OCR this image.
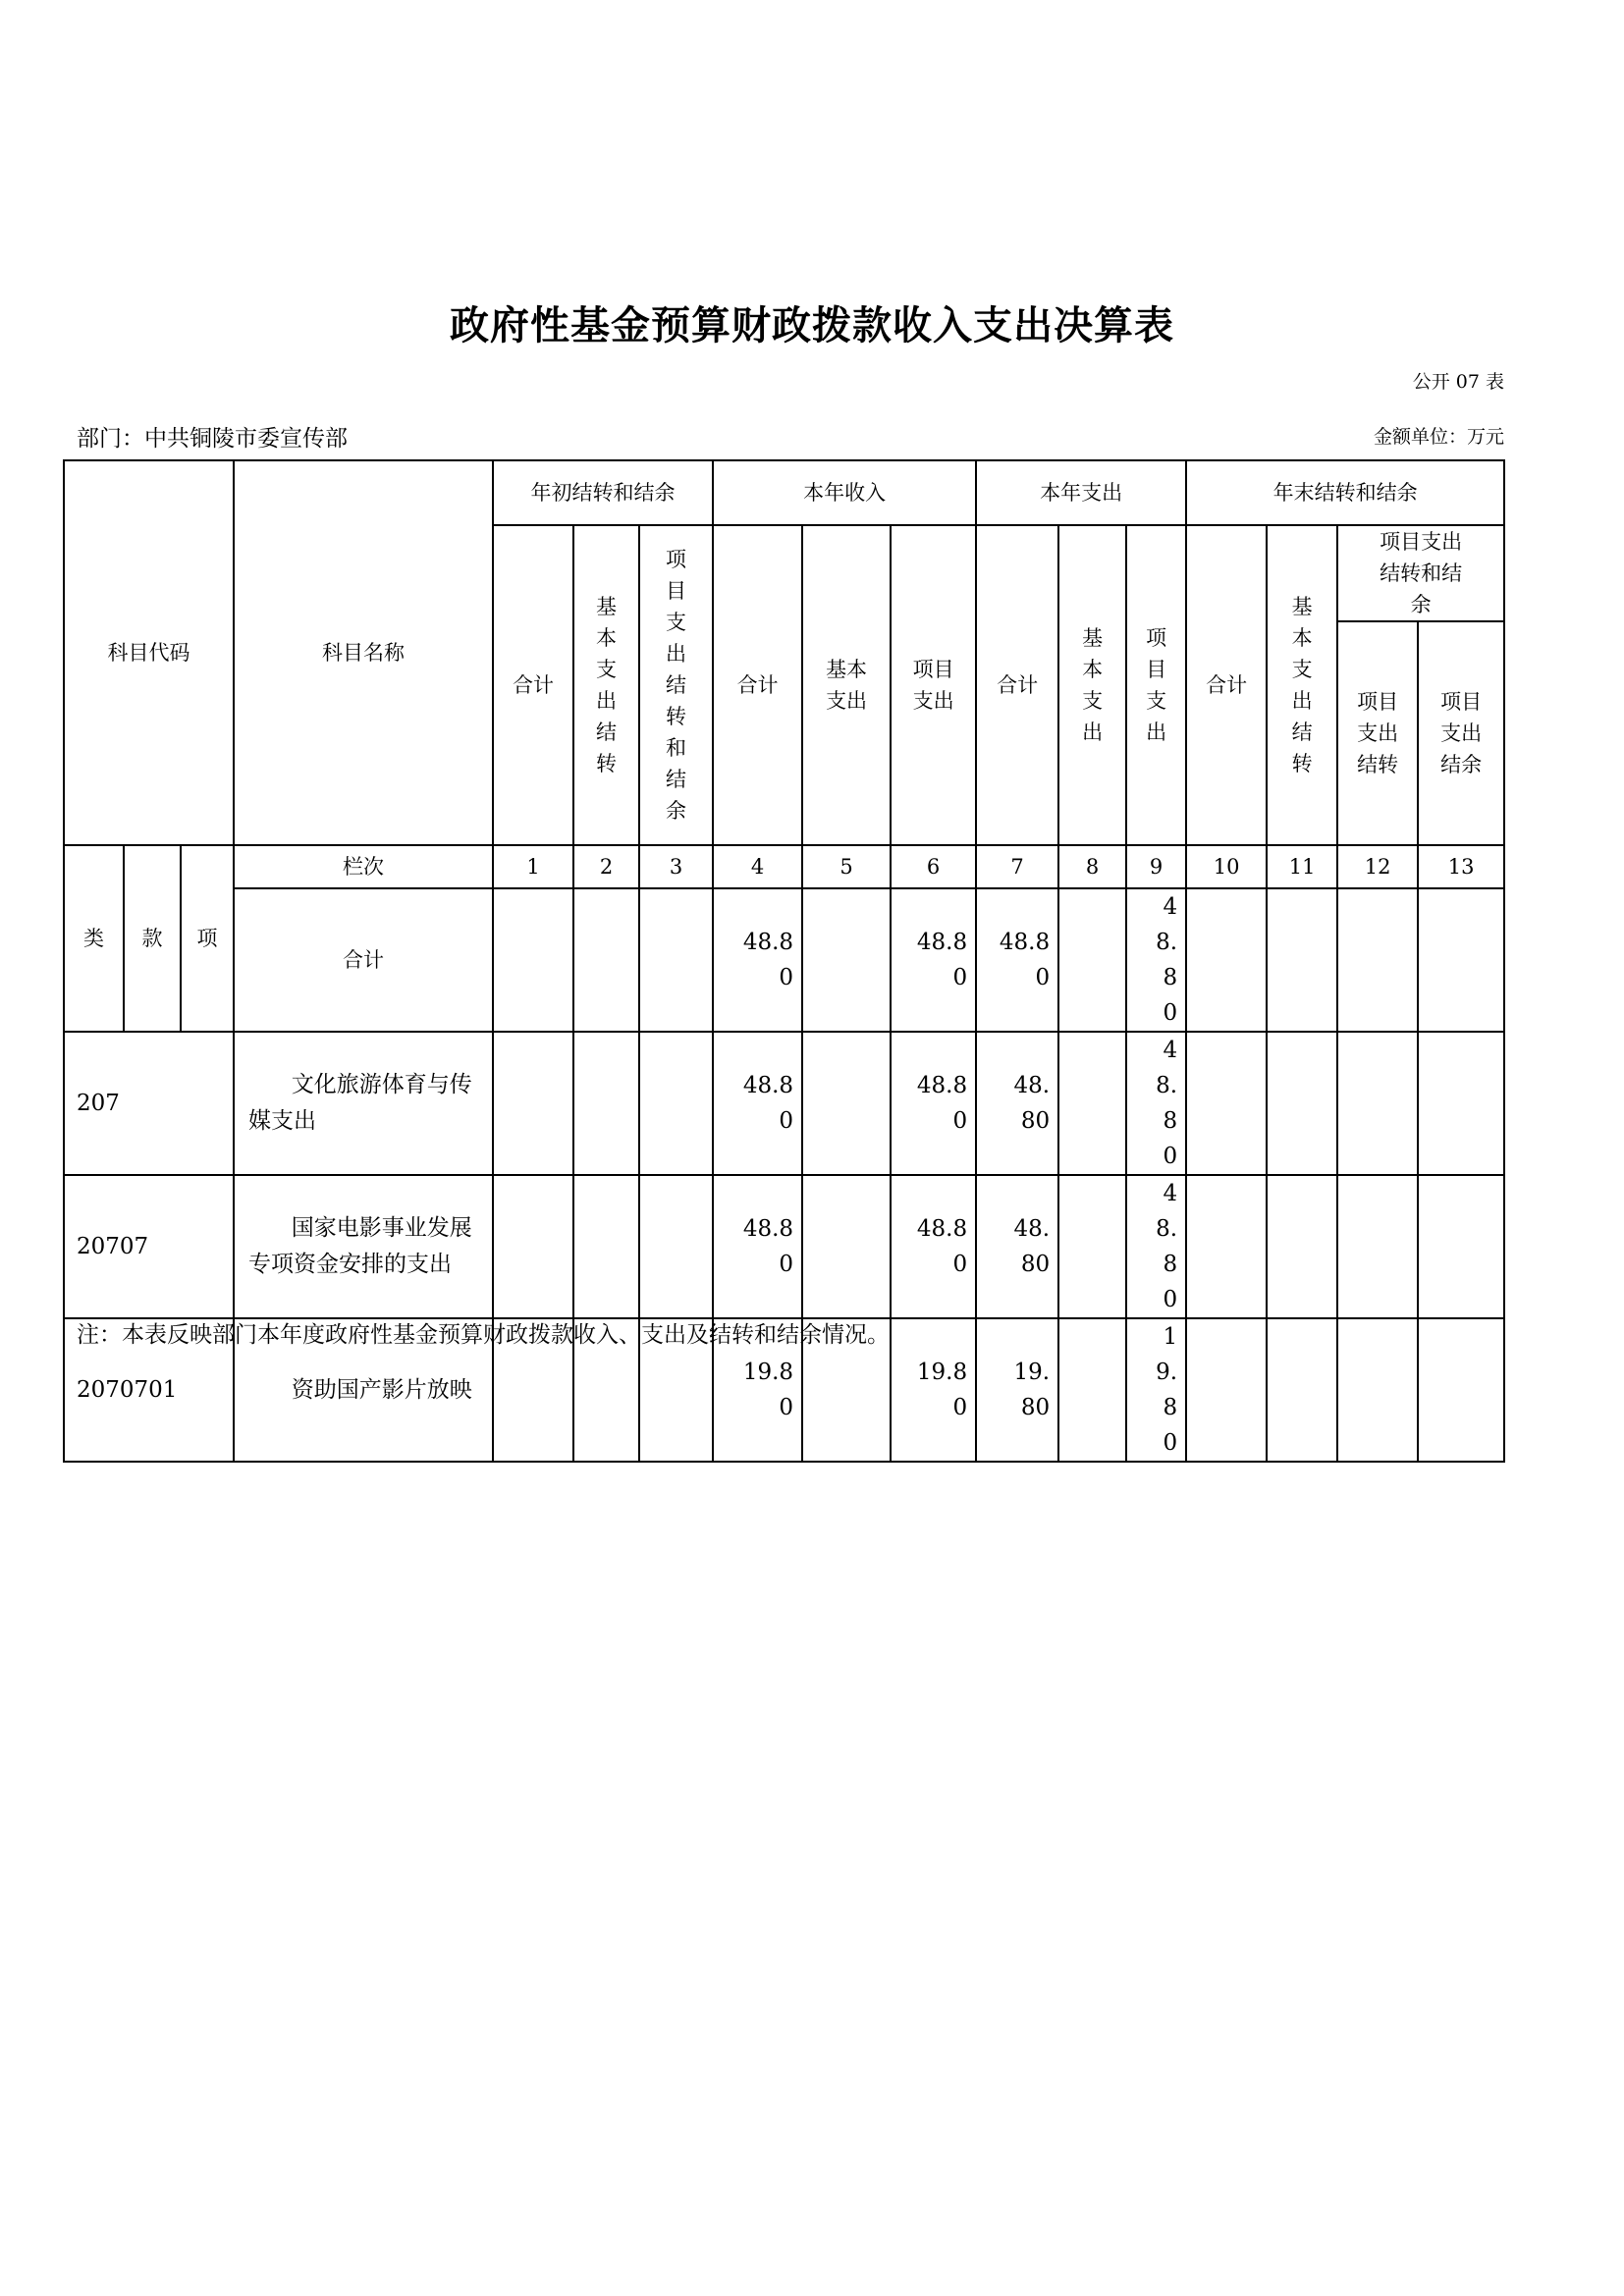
政府性基金预算财政拨款收入支出决算表
公开 07 表
部门：中共铜陵市委宣传部	金额单位：万元
科目代码			科目名称	年初结转和结余			本年收入			本年支出			年末结转和结余			
				合计	基本支出结转	项目支出结转和结余	合计	基本支出	项目支出	合计	基本支出	项目支出	合计	基本支出结转	项目支出结转和结余	
															项目支出结转	项目支出结余
类	款	项	栏次	1	2	3	4	5	6	7	8	9	10	11	12	13
			合计				48.80		48.80	48.80		48.80				
207			文化旅游体育与传媒支出				48.80		48.80	48.80		48.80				
20707			国家电影事业发展专项资金安排的支出				48.80		48.80	48.80		48.80				
2070701			资助国产影片放映				19.80		19.80	19.80		19.80				
注：本表反映部门本年度政府性基金预算财政拨款收入、支出及结转和结余情况。
